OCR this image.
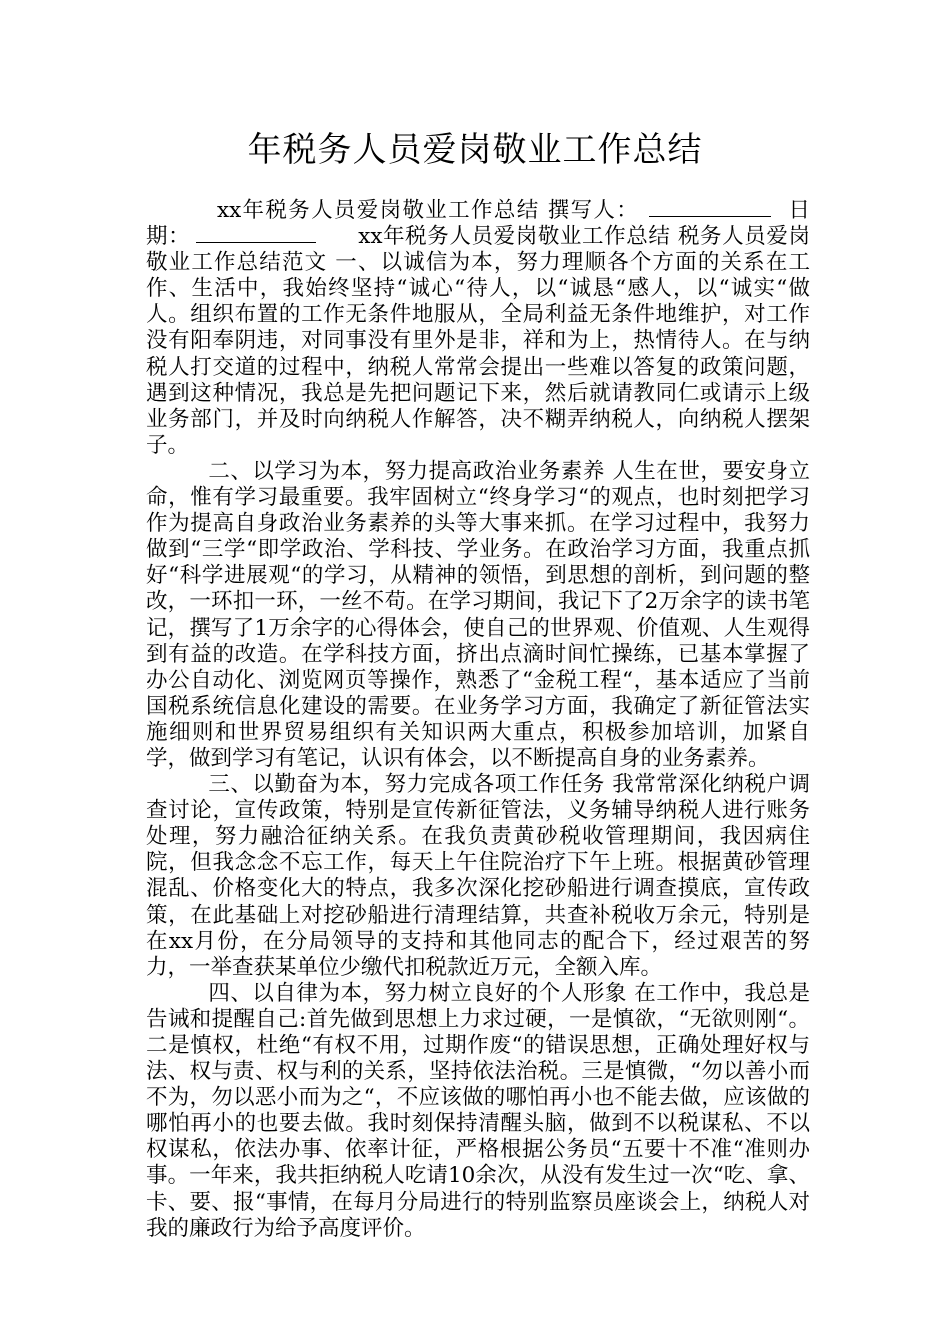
年税务人员爱岗敬业工作总结

xx年税务人员爱岗敬业工作总结 撰写人：	日期：	xx年税务人员爱岗敬业工作总结 税务人员爱岗敬业工作总结范文 一、以诚信为本，努力理顺各个方面的关系在工作、生活中，我始终坚持“诚心“待人，以“诚恳“感人，以“诚实“做人。组织布置的工作无条件地服从，全局利益无条件地维护，对工作没有阳奉阴违，对同事没有里外是非，祥和为上，热情待人。在与纳税人打交道的过程中，纳税人常常会提出一些难以答复的政策问题，遇到这种情况，我总是先把问题记下来，然后就请教同仁或请示上级业务部门，并及时向纳税人作解答，决不糊弄纳税人，向纳税人摆架子。

二、以学习为本，努力提高政治业务素养 人生在世，要安身立命，惟有学习最重要。我牢固树立“终身学习“的观点，也时刻把学习作为提高自身政治业务素养的头等大事来抓。在学习过程中，我努力做到“三学“即学政治、学科技、学业务。在政治学习方面，我重点抓好“科学进展观“的学习，从精神的领悟，到思想的剖析，到问题的整改，一环扣一环，一丝不苟。在学习期间，我记下了2万余字的读书笔记，撰写了1万余字的心得体会，使自己的世界观、价值观、人生观得到有益的改造。在学科技方面，挤出点滴时间忙操练，已基本掌握了办公自动化、浏览网页等操作，熟悉了“金税工程“，基本适应了当前国税系统信息化建设的需要。在业务学习方面，我确定了新征管法实施细则和世界贸易组织有关知识两大重点，积极参加培训，加紧自学，做到学习有笔记，认识有体会，以不断提高自身的业务素养。

三、以勤奋为本，努力完成各项工作任务 我常常深化纳税户调查讨论，宣传政策，特别是宣传新征管法，义务辅导纳税人进行账务处理，努力融洽征纳关系。在我负责黄砂税收管理期间，我因病住院，但我念念不忘工作，每天上午住院治疗下午上班。根据黄砂管理混乱、价格变化大的特点，我多次深化挖砂船进行调查摸底，宣传政策，在此基础上对挖砂船进行清理结算，共查补税收万余元，特别是在xx月份，在分局领导的支持和其他同志的配合下，经过艰苦的努力，一举查获某单位少缴代扣税款近万元，全额入库。

四、以自律为本，努力树立良好的个人形象 在工作中，我总是告诫和提醒自己:首先做到思想上力求过硬，一是慎欲，“无欲则刚“。二是慎权，杜绝“有权不用，过期作废“的错误思想，正确处理好权与法、权与责、权与利的关系，坚持依法治税。三是慎微，“勿以善小而不为，勿以恶小而为之“，不应该做的哪怕再小也不能去做，应该做的哪怕再小的也要去做。我时刻保持清醒头脑，做到不以税谋私、不以权谋私，依法办事、依率计征，严格根据公务员“五要十不准“准则办事。一年来，我共拒纳税人吃请10余次，从没有发生过一次“吃、拿、卡、要、报“事情，在每月分局进行的特别监察员座谈会上，纳税人对我的廉政行为给予高度评价。
